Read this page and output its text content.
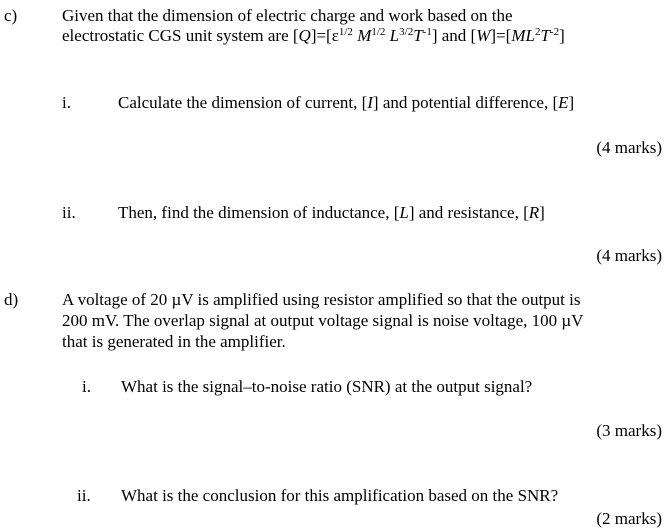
c)	Given that the dimension of electric charge and work based on the
electrostatic CGS unit system are $[Q]=[\varepsilon^{1/2}$ $M^{1/2}$ $L^{3/2}T^{-1}$] and $[W]=[ML^2T^{-2}]$
i.	Calculate the dimension of current, [I] and potential difference, [E]
(4 marks)
ii. Then, find the dimension of inductance, [L] and resistance, [R]
(4 marks)
d)	A voltage of 20 µV is amplified using resistor amplified so that the output is
200 mV. The overlap signal at output voltage signal is noise voltage, 100 µV
that is generated in the amplifier.
i. What is the signal–to-noise ratio (SNR) at the output signal?
(3 marks)
ii. What is the conclusion for this amplification based on the SNR?
(2 marks)
